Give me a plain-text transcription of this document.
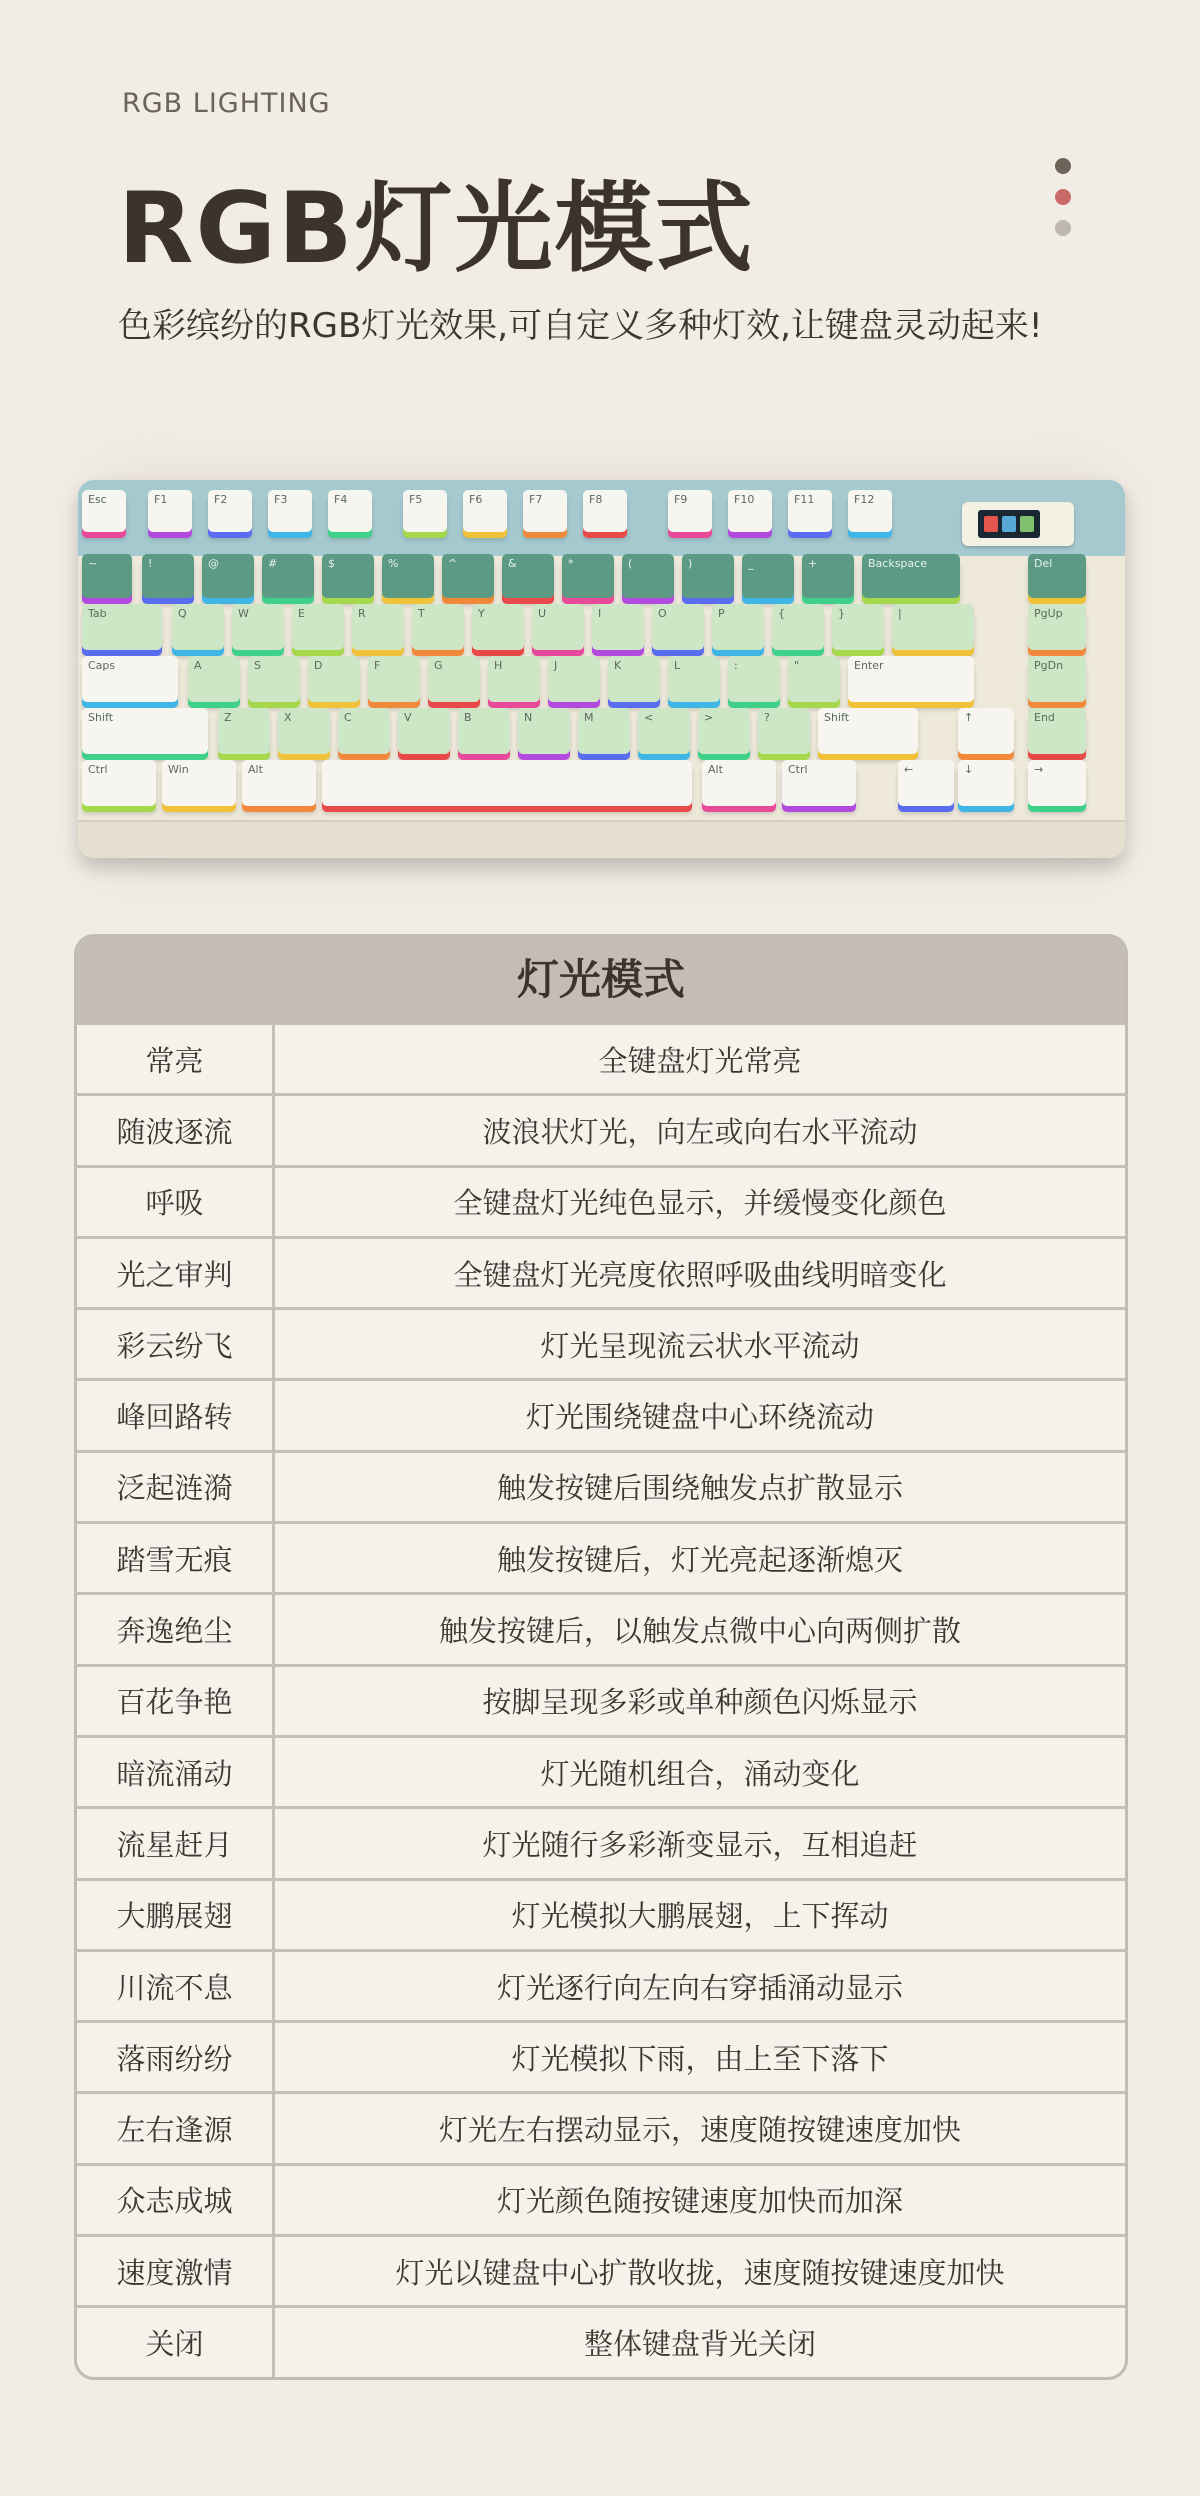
RGB LIGHTING
RGB灯光模式
色彩缤纷的RGB灯光效果,可自定义多种灯效,让键盘灵动起来!
Esc	F1	F2	F3	F4	F5	F6	F7	F8	F9	F10	F11	F12
~	!	@	#	$	%	^	&	*	(	)	_	+	Backspace	Del
Tab	Q	W	E	R	T	Y	U	I	O	P	{	}	|	PgUp
Caps	A	S	D	F	G	H	J	K	L	:	"	Enter	PgDn
Shift	Z	X	C	V	B	N	M	<	>	?	Shift	↑	End
Ctrl	Win	Alt	Alt	Ctrl	←	↓	→
灯光模式
常亮	全键盘灯光常亮
随波逐流	波浪状灯光，向左或向右水平流动
呼吸	全键盘灯光纯色显示，并缓慢变化颜色
光之审判	全键盘灯光亮度依照呼吸曲线明暗变化
彩云纷飞	灯光呈现流云状水平流动
峰回路转	灯光围绕键盘中心环绕流动
泛起涟漪	触发按键后围绕触发点扩散显示
踏雪无痕	触发按键后，灯光亮起逐渐熄灭
奔逸绝尘	触发按键后，以触发点微中心向两侧扩散
百花争艳	按脚呈现多彩或单种颜色闪烁显示
暗流涌动	灯光随机组合，涌动变化
流星赶月	灯光随行多彩渐变显示，互相追赶
大鹏展翅	灯光模拟大鹏展翅，上下挥动
川流不息	灯光逐行向左向右穿插涌动显示
落雨纷纷	灯光模拟下雨，由上至下落下
左右逢源	灯光左右摆动显示，速度随按键速度加快
众志成城	灯光颜色随按键速度加快而加深
速度激情	灯光以键盘中心扩散收拢，速度随按键速度加快
关闭	整体键盘背光关闭
